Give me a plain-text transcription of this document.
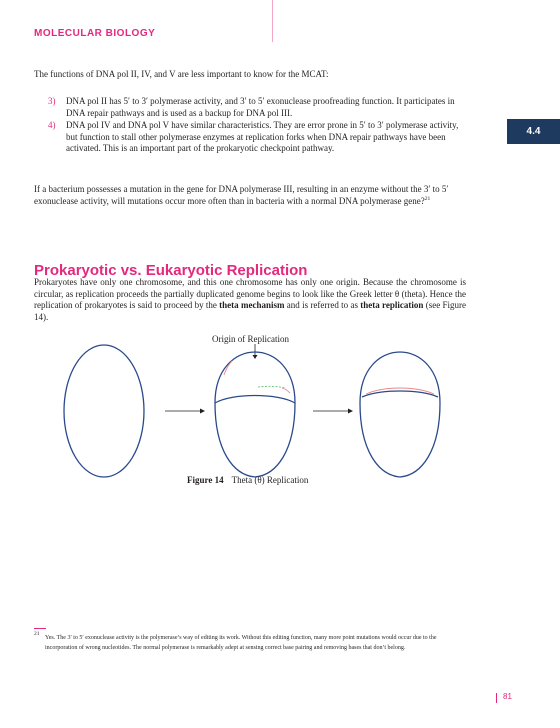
MOLECULAR BIOLOGY
4.4

The functions of DNA pol II, IV, and V are less important to know for the MCAT:

3) DNA pol II has 5′ to 3′ polymerase activity, and 3′ to 5′ exonuclease proofreading function. It participates in DNA repair pathways and is used as a backup for DNA pol III.
4) DNA pol IV and DNA pol V have similar characteristics. They are error prone in 5′ to 3′ polymerase activity, but function to stall other polymerase enzymes at replication forks when DNA repair pathways have been activated. This is an important part of the prokaryotic checkpoint pathway.

If a bacterium possesses a mutation in the gene for DNA polymerase III, resulting in an enzyme without the 3′ to 5′ exonuclease activity, will mutations occur more often than in bacteria with a normal DNA polymerase gene?$^{21}$

Prokaryotic vs. Eukaryotic Replication

Prokaryotes have only one chromosome, and this one chromosome has only one origin. Because the chromosome is circular, as replication proceeds the partially duplicated genome begins to look like the Greek letter θ (theta). Hence the replication of prokaryotes is said to proceed by the theta mechanism and is referred to as theta replication (see Figure 14).

Origin of Replication
Figure 14 Theta (θ) Replication
21
Yes. The 3′ to 5′ exonuclease activity is the polymerase’s way of editing its work. Without this editing function, many more point mutations would occur due to the incorporation of wrong nucleotides. The normal polymerase is remarkably adept at sensing correct base pairing and removing bases that don’t belong.
81
